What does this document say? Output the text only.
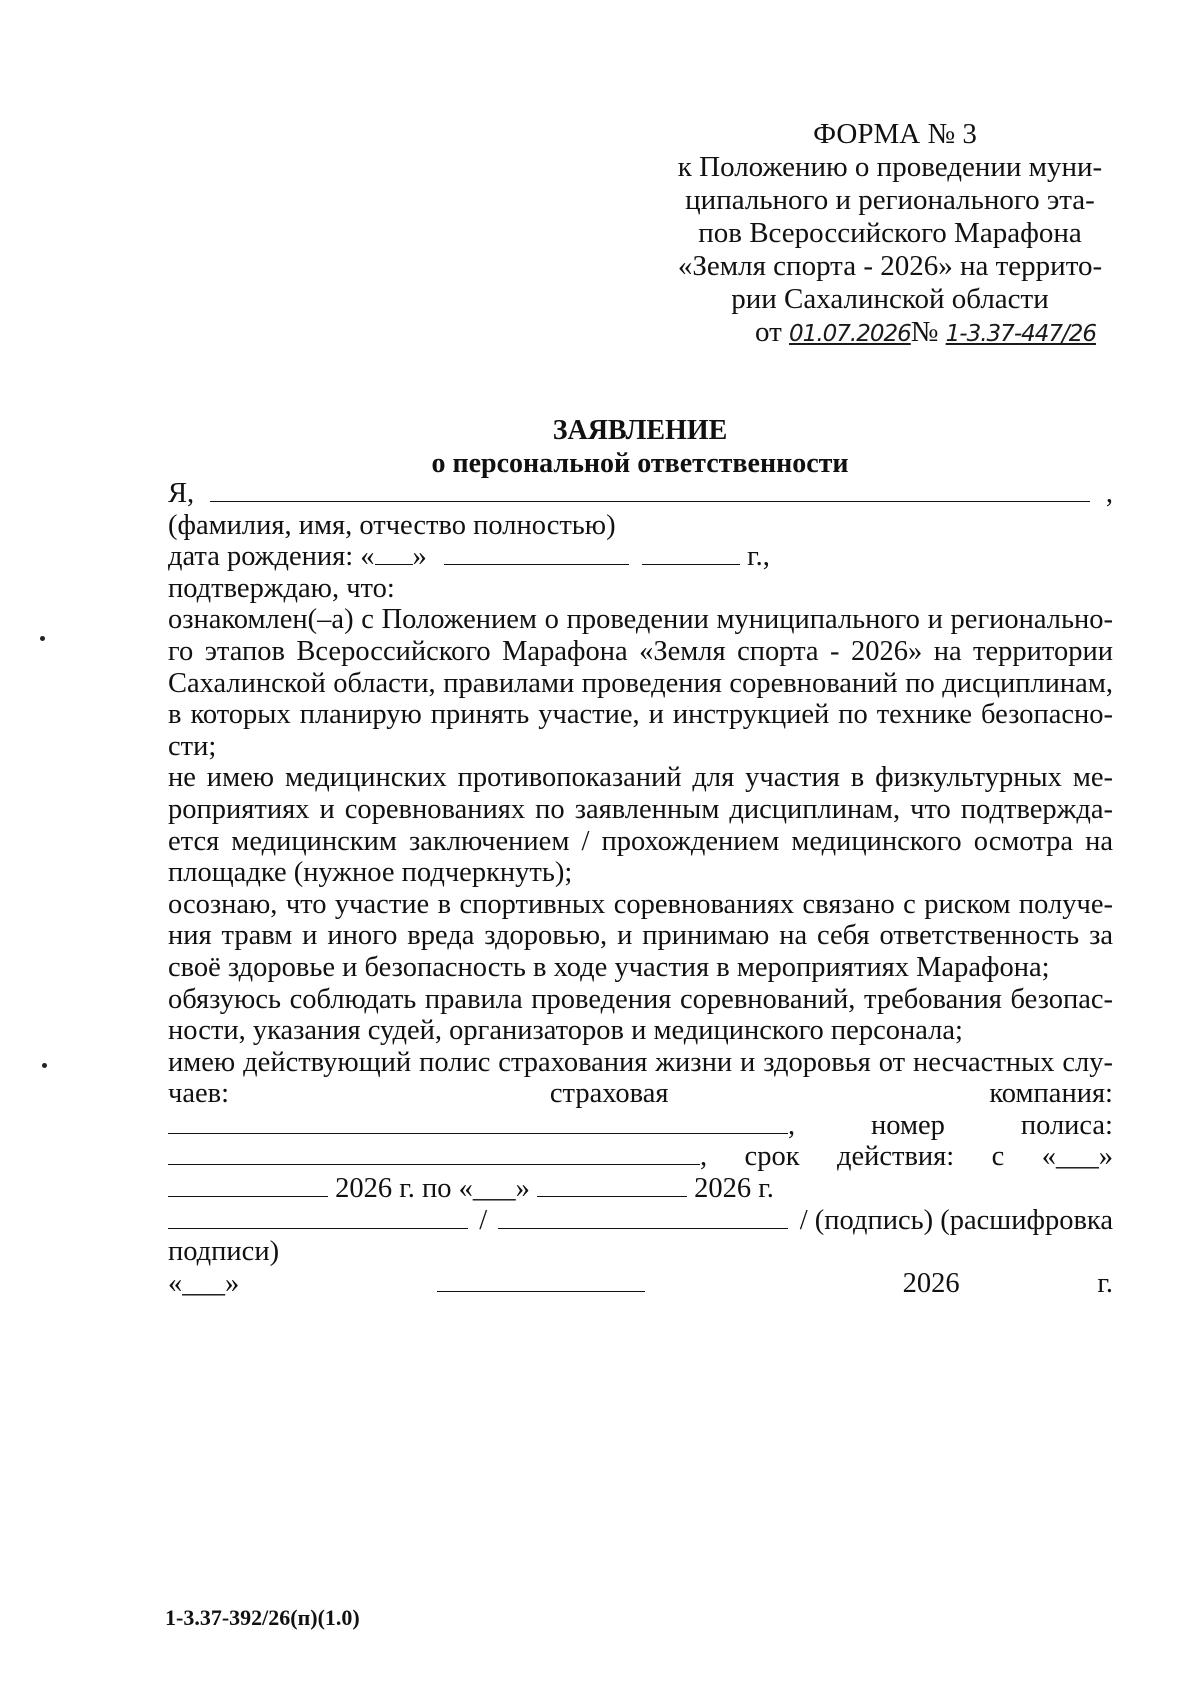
ФОРМА № 3
к Положению о проведении муни-
ципального и регионального эта-
пов Всероссийского Марафона
«Земля спорта - 2026» на террито-
рии Сахалинской области
от 01.07.2026№ 1-3.37-447/26
ЗАЯВЛЕНИЕ
о персональной ответственности
Я,	,

(фамилия, имя, отчество полностью)

дата рождения: « »	г.,

подтверждаю, что:

ознакомлен(–а) с Положением о проведении муниципального и регионально-
го этапов Всероссийского Марафона «Земля спорта - 2026» на территории
Сахалинской области, правилами проведения соревнований по дисциплинам,
в которых планирую принять участие, и инструкцией по технике безопасно-
сти;
не имею медицинских противопоказаний для участия в физкультурных ме-
роприятиях и соревнованиях по заявленным дисциплинам, что подтвержда-
ется медицинским заключением / прохождением медицинского осмотра на
площадке (нужное подчеркнуть);
осознаю, что участие в спортивных соревнованиях связано с риском получе-
ния травм и иного вреда здоровью, и принимаю на себя ответственность за
своё здоровье и безопасность в ходе участия в мероприятиях Марафона;
обязуюсь соблюдать правила проведения соревнований, требования безопас-
ности, указания судей, организаторов и медицинского персонала;
имею действующий полис страхования жизни и здоровья от несчастных слу-
чаев:	страховая	компания:
,	номер	полиса:
, срок действия: с «___»
2026 г. по «___»	2026 г.
/	/ (подпись) (расшифровка
подписи)
«___»	2026	г.
1-3.37-392/26(п)(1.0)
